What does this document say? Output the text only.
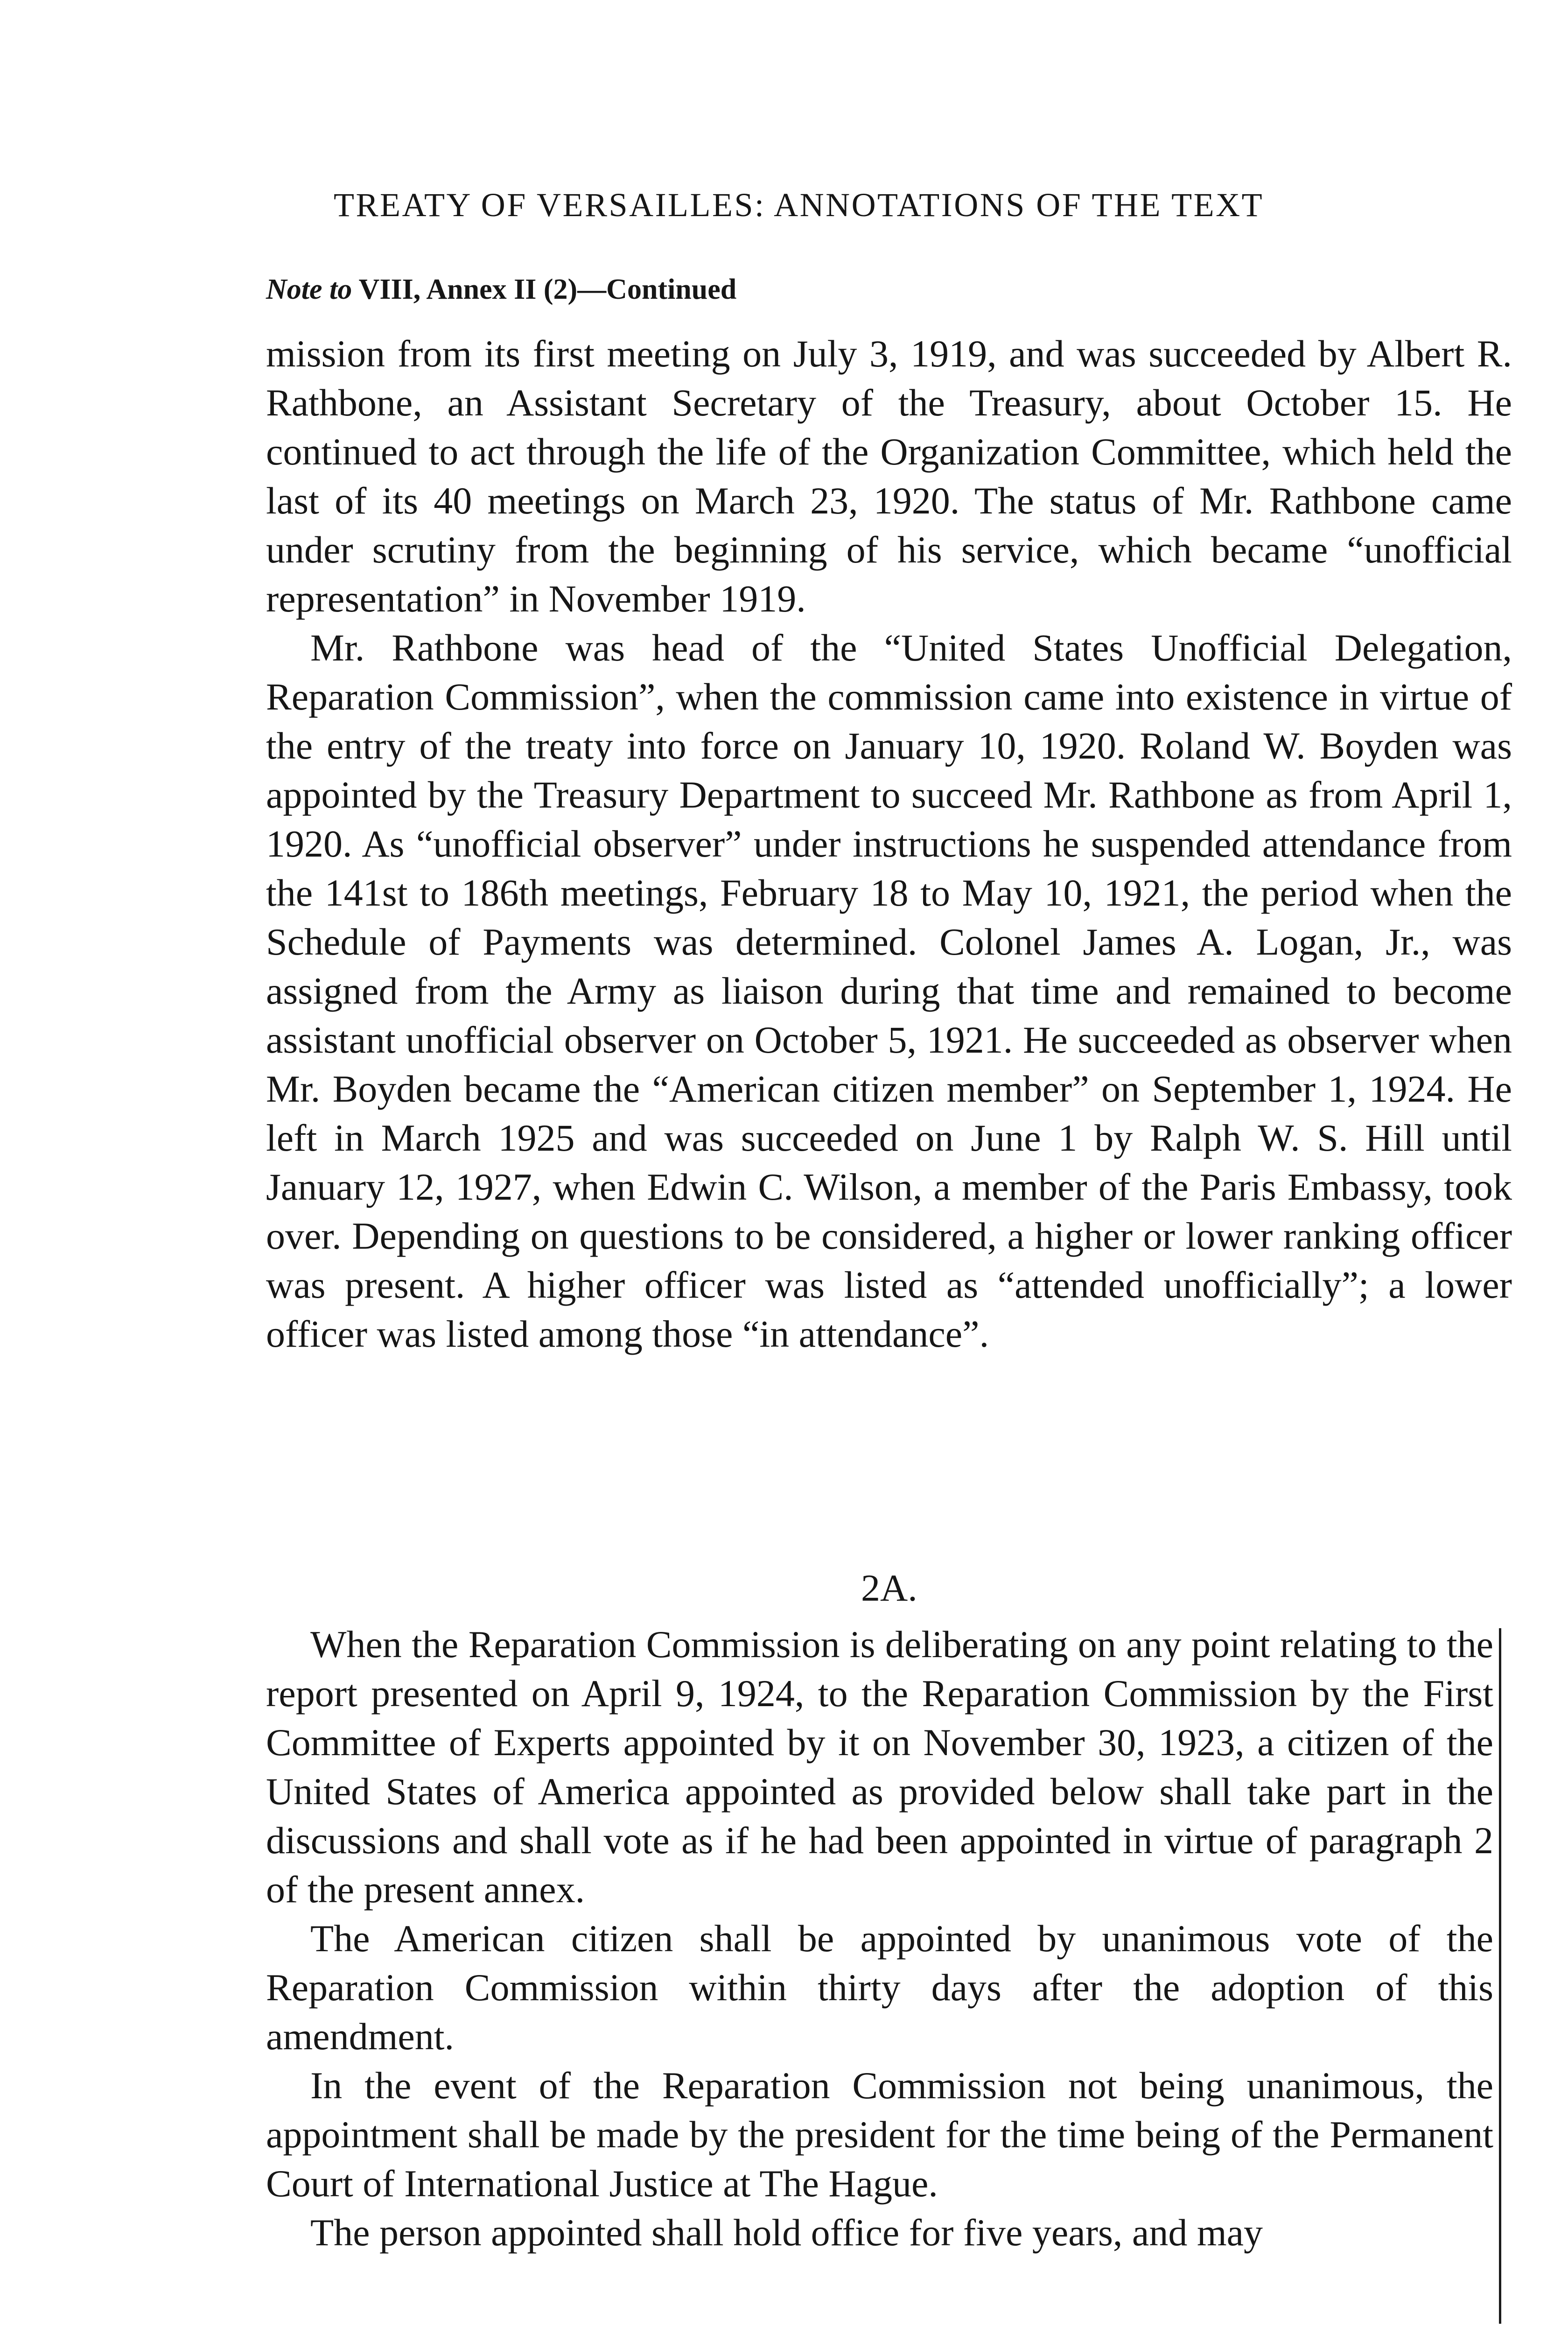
TREATY OF VERSAILLES: ANNOTATIONS OF THE TEXT
Note to VIII, Annex II (2)—Continued

mission from its first meeting on July 3, 1919, and was succeeded by Albert R. Rathbone, an Assistant Secretary of the Treasury, about October 15. He continued to act through the life of the Organization Committee, which held the last of its 40 meetings on March 23, 1920. The status of Mr. Rathbone came under scrutiny from the beginning of his service, which became “unofficial representation” in November 1919.

Mr. Rathbone was head of the “United States Unofficial Delegation, Reparation Commission”, when the commission came into existence in virtue of the entry of the treaty into force on January 10, 1920. Roland W. Boyden was appointed by the Treasury Department to succeed Mr. Rathbone as from April 1, 1920. As “unofficial observer” under instructions he suspended attendance from the 141st to 186th meetings, February 18 to May 10, 1921, the period when the Schedule of Payments was determined. Colonel James A. Logan, Jr., was assigned from the Army as liaison during that time and remained to become assistant unofficial observer on October 5, 1921. He succeeded as observer when Mr. Boyden became the “American citizen member” on September 1, 1924. He left in March 1925 and was succeeded on June 1 by Ralph W. S. Hill until January 12, 1927, when Edwin C. Wilson, a member of the Paris Embassy, took over. Depending on questions to be considered, a higher or lower ranking officer was present. A higher officer was listed as “attended unofficially”; a lower officer was listed among those “in attendance”.

2A.

When the Reparation Commission is deliberating on any point relating to the report presented on April 9, 1924, to the Reparation Commission by the First Committee of Experts appointed by it on November 30, 1923, a citizen of the United States of America appointed as provided below shall take part in the discussions and shall vote as if he had been appointed in virtue of paragraph 2 of the present annex.

The American citizen shall be appointed by unanimous vote of the Reparation Commission within thirty days after the adoption of this amendment.

In the event of the Reparation Commission not being unanimous, the appointment shall be made by the president for the time being of the Permanent Court of International Justice at The Hague.

The person appointed shall hold office for five years, and may
